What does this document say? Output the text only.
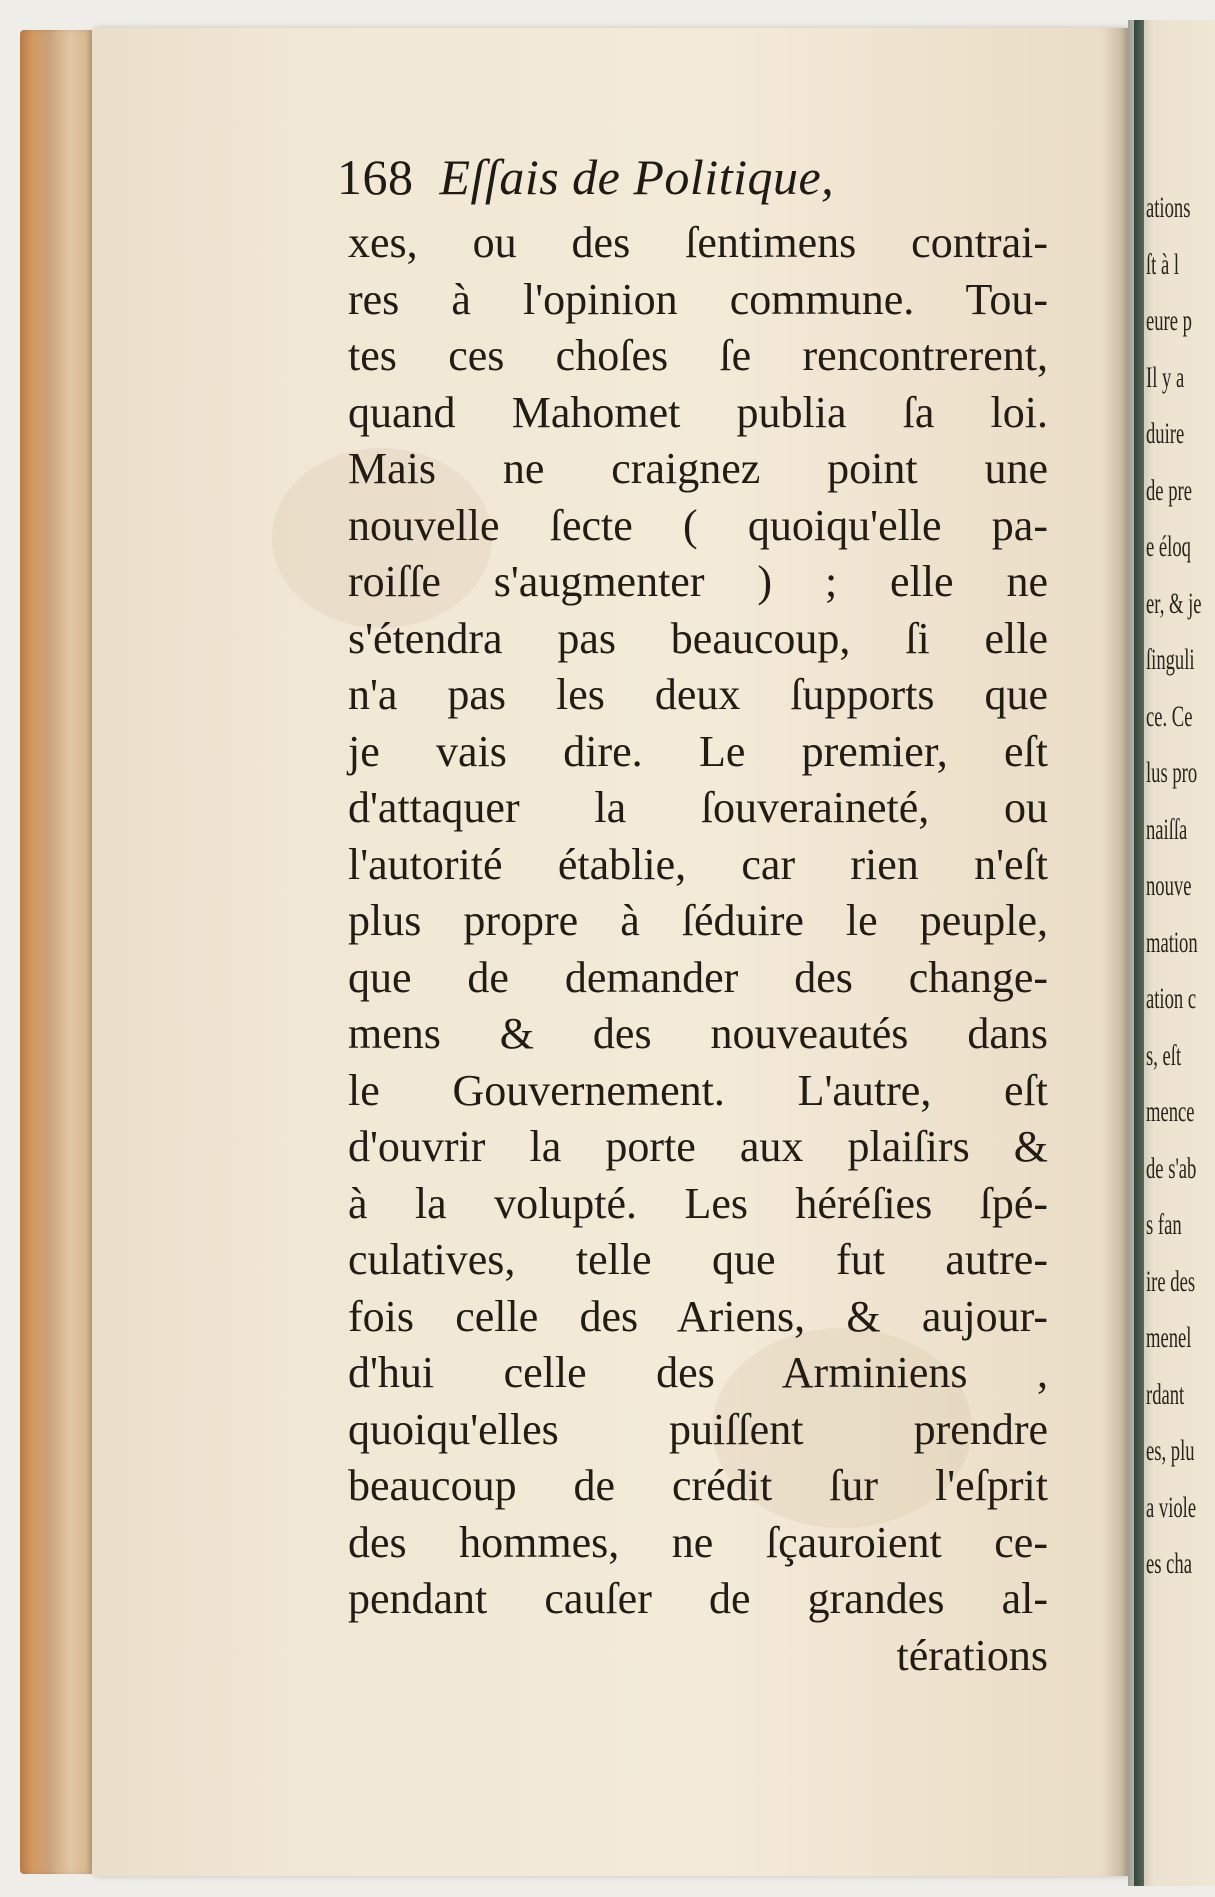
168 Eſſais de Politique,
xes, ou des ſentimens contrai-
res à l'opinion commune. Tou-
tes ces choſes ſe rencontrerent,
quand Mahomet publia ſa loi.
Mais ne craignez point une
nouvelle ſecte ( quoiqu'elle pa-
roiſſe s'augmenter ) ; elle ne
s'étendra pas beaucoup, ſi elle
n'a pas les deux ſupports que
je vais dire. Le premier, eſt
d'attaquer la ſouveraineté, ou
l'autorité établie, car rien n'eſt
plus propre à ſéduire le peuple,
que de demander des change-
mens & des nouveautés dans
le Gouvernement. L'autre, eſt
d'ouvrir la porte aux plaiſirs &
à la volupté. Les héréſies ſpé-
culatives, telle que fut autre-
fois celle des Ariens, & aujour-
d'hui celle des Arminiens ,
quoiqu'elles puiſſent prendre
beaucoup de crédit ſur l'eſprit
des hommes, ne ſçauroient ce-
pendant cauſer de grandes al-
térations
ations
ſt à l
eure p
Il y a
duire
de pre
e éloq
er, & je
ſinguli
ce. Ce
lus pro
naiſſa
nouve
mation
ation c
s, eſt
mence
de s'ab
s fan
ire des
menel
rdant
es, plu
a viole
es cha
